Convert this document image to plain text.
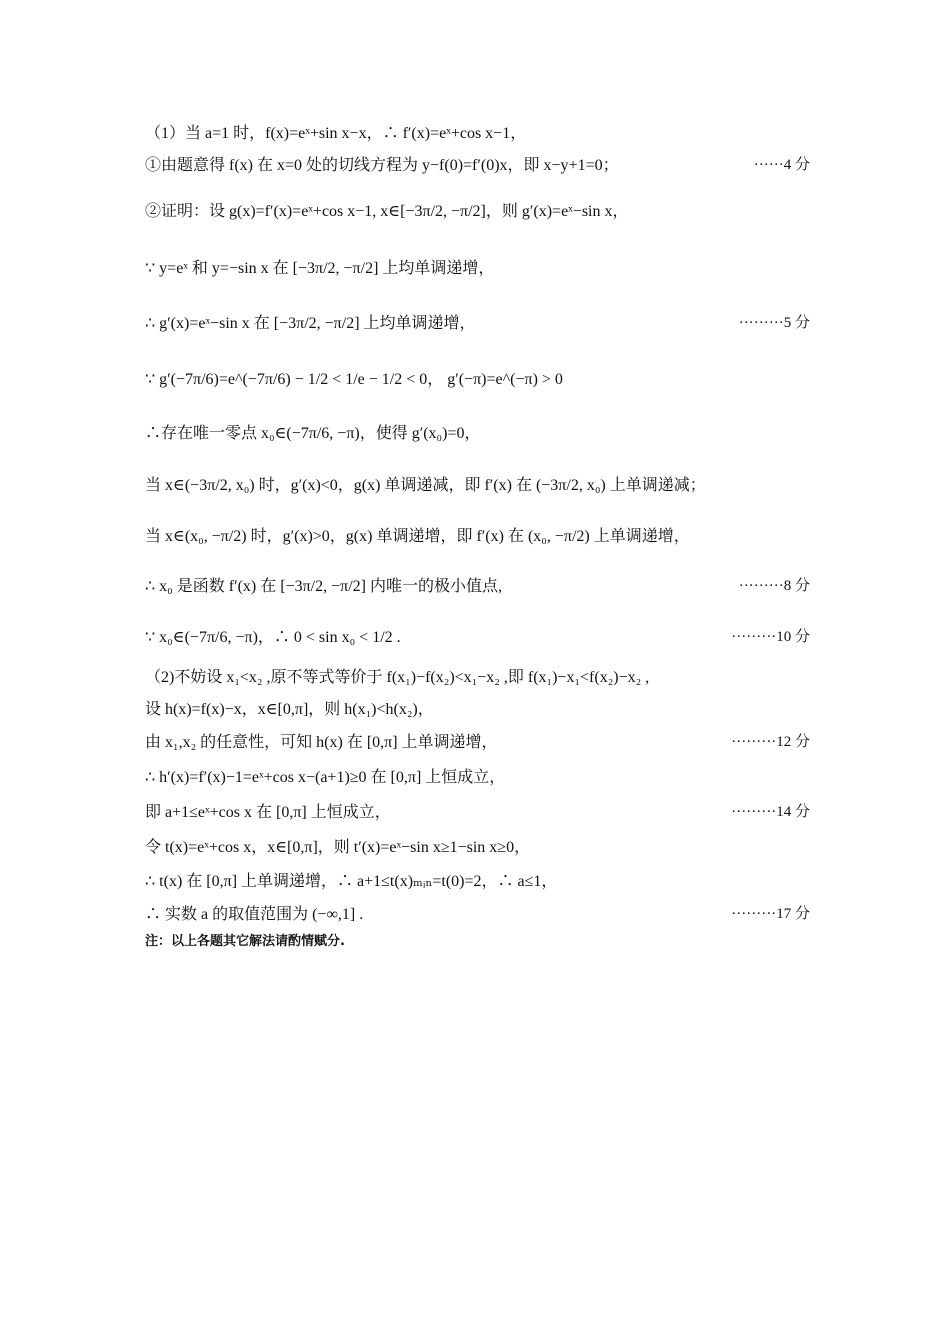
（1）当 a=1 时，f(x)=eˣ+sin x−x，∴ f′(x)=eˣ+cos x−1，
①由题意得 f(x) 在 x=0 处的切线方程为 y−f(0)=f′(0)x，即 x−y+1=0；	······4 分
②证明：设 g(x)=f′(x)=eˣ+cos x−1, x∈[−3π/2, −π/2]，则 g′(x)=eˣ−sin x，
∵ y=eˣ 和 y=−sin x 在 [−3π/2, −π/2] 上均单调递增，
∴ g′(x)=eˣ−sin x 在 [−3π/2, −π/2] 上均单调递增，	·········5 分
∵ g′(−7π/6)=e^(−7π/6) − 1/2 < 1/e − 1/2 < 0， g′(−π)=e^(−π) > 0
∴存在唯一零点 x₀∈(−7π/6, −π)，使得 g′(x₀)=0，
当 x∈(−3π/2, x₀) 时，g′(x)<0，g(x) 单调递减，即 f′(x) 在 (−3π/2, x₀) 上单调递减；
当 x∈(x₀, −π/2) 时，g′(x)>0，g(x) 单调递增，即 f′(x) 在 (x₀, −π/2) 上单调递增，
∴ x₀ 是函数 f′(x) 在 [−3π/2, −π/2] 内唯一的极小值点,	·········8 分
∵ x₀∈(−7π/6, −π)，∴ 0 < sin x₀ < 1/2 .	·········10 分
（2)不妨设 x₁<x₂ ,原不等式等价于 f(x₁)−f(x₂)<x₁−x₂ ,即 f(x₁)−x₁<f(x₂)−x₂ ,
设 h(x)=f(x)−x，x∈[0,π]，则 h(x₁)<h(x₂)，
由 x₁,x₂ 的任意性，可知 h(x) 在 [0,π] 上单调递增，	·········12 分
∴ h′(x)=f′(x)−1=eˣ+cos x−(a+1)≥0 在 [0,π] 上恒成立，
即 a+1≤eˣ+cos x 在 [0,π] 上恒成立，	·········14 分
令 t(x)=eˣ+cos x，x∈[0,π]，则 t′(x)=eˣ−sin x≥1−sin x≥0，
∴ t(x) 在 [0,π] 上单调递增，∴ a+1≤t(x)ₘᵢₙ=t(0)=2，∴ a≤1，
∴ 实数 a 的取值范围为 (−∞,1] .	·········17 分
注：以上各题其它解法请酌情赋分.
